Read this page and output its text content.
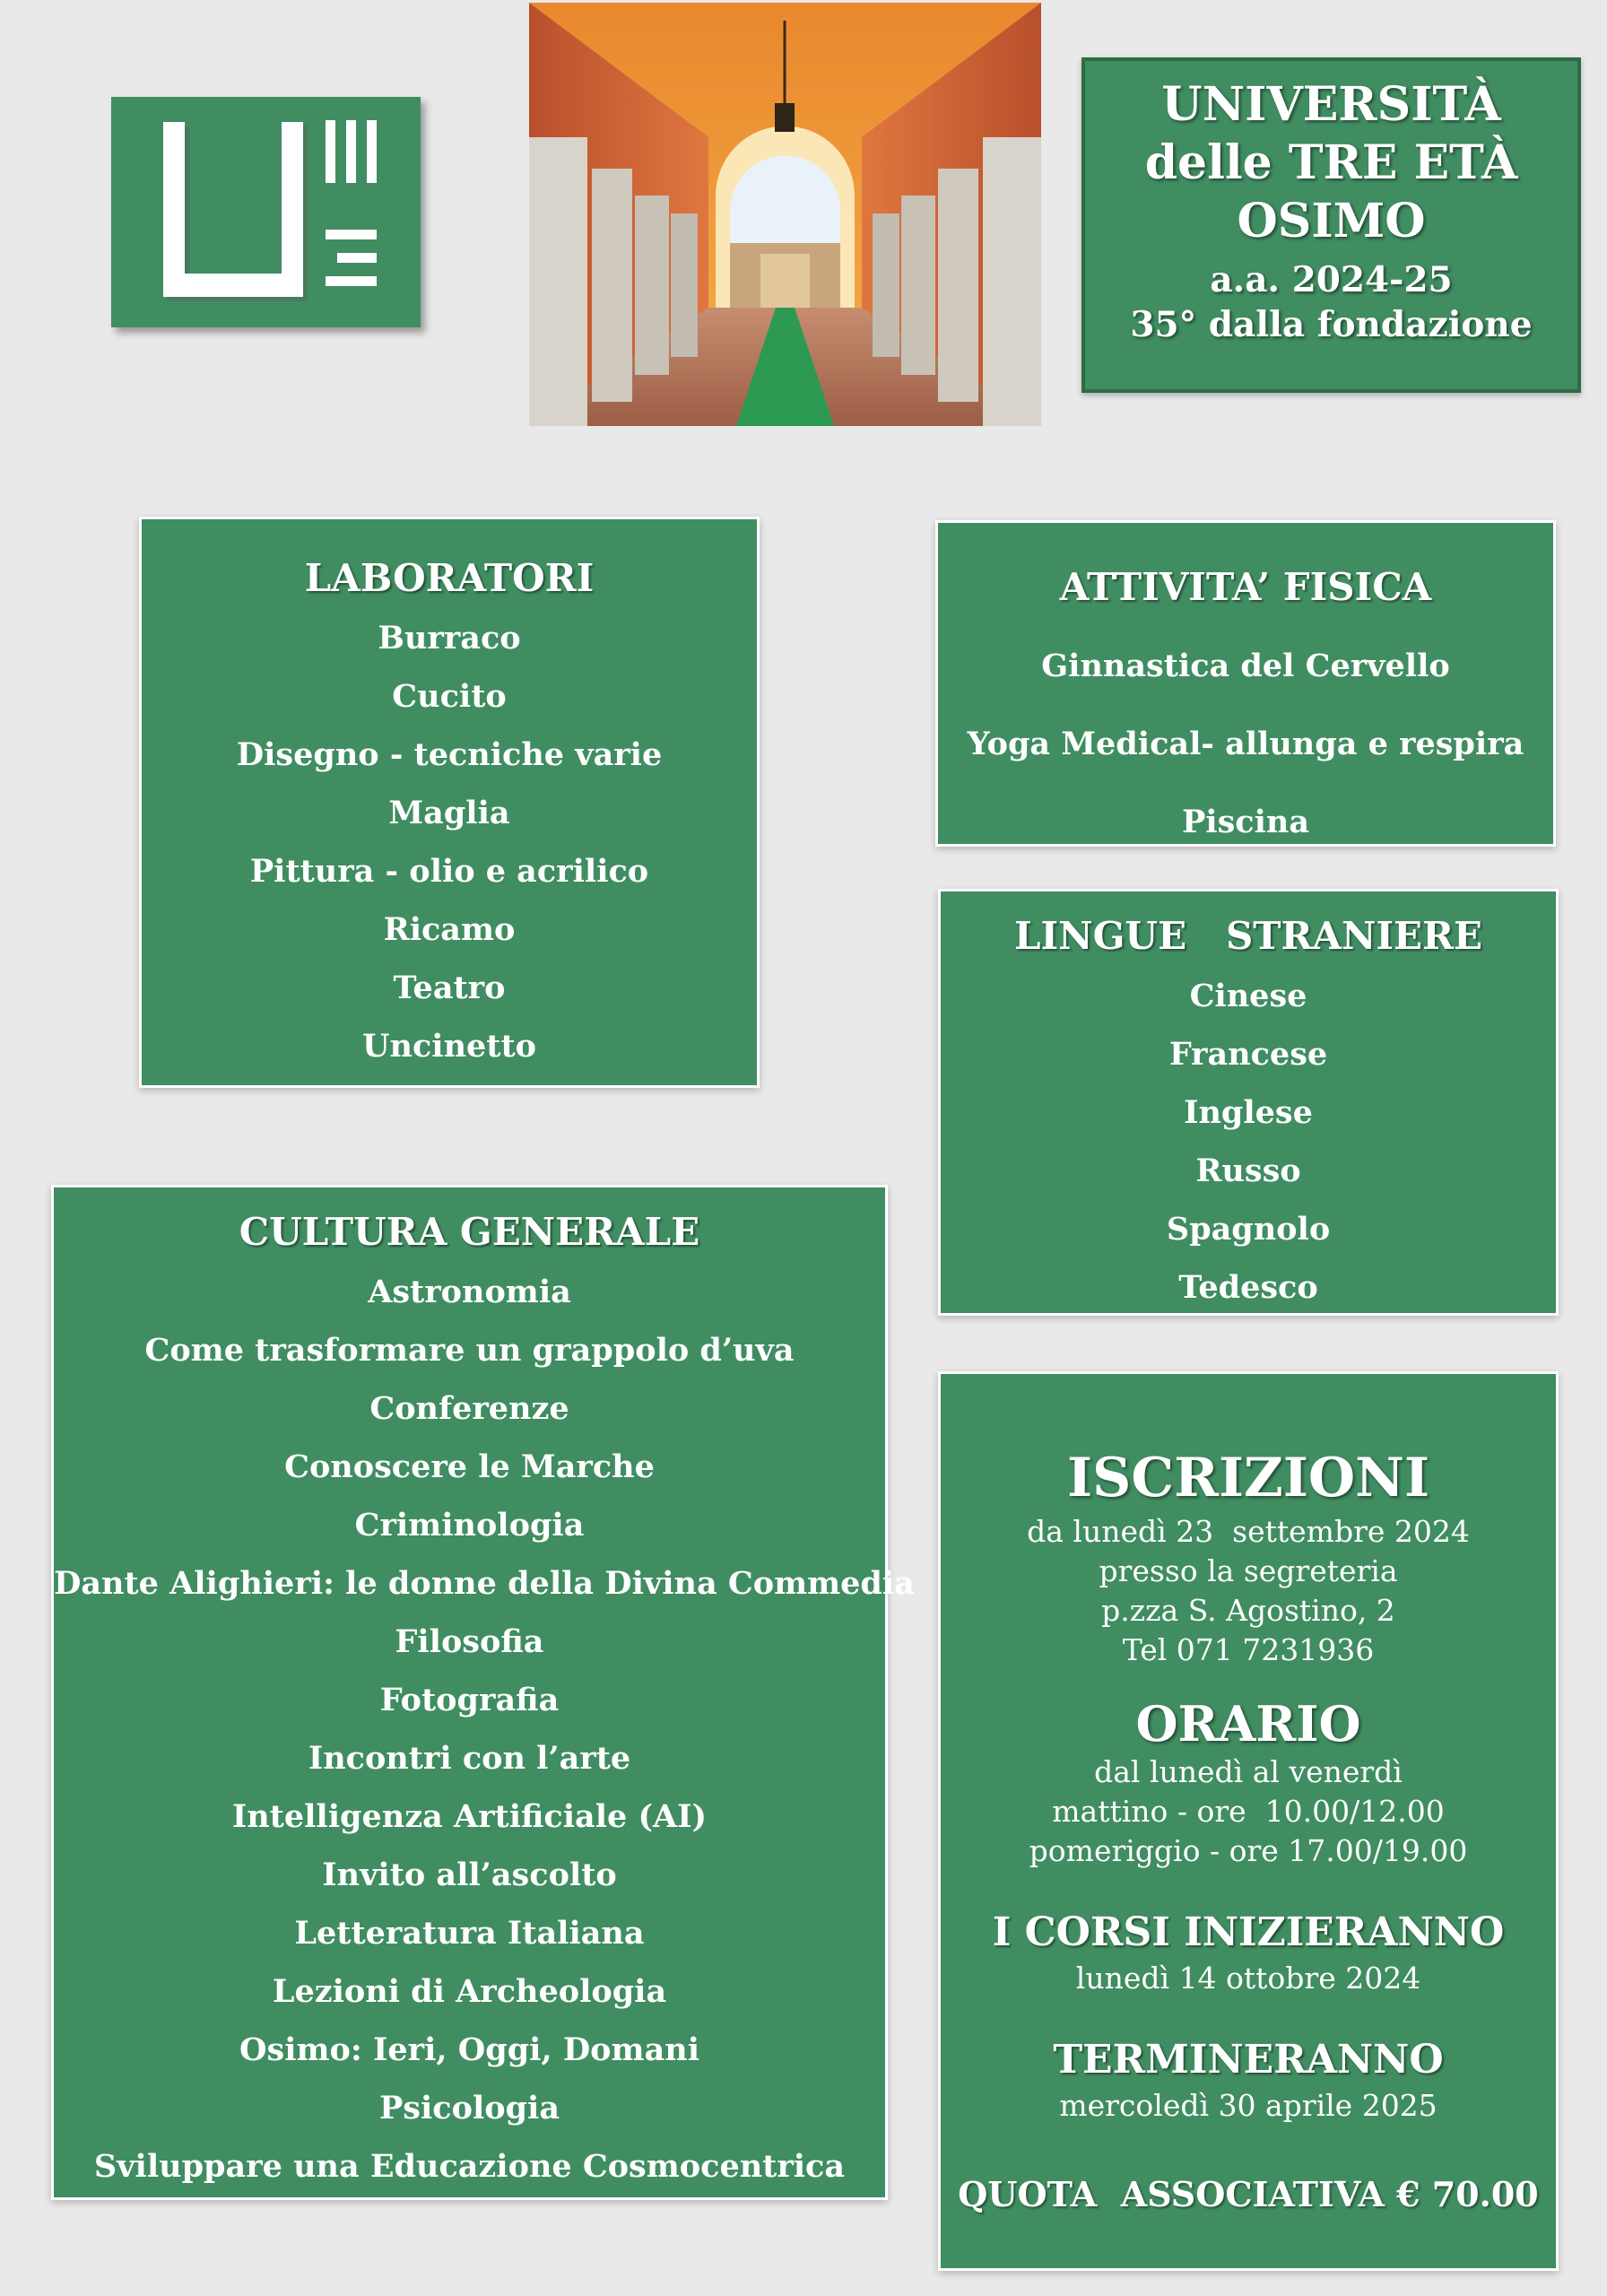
UNIVERSITÀ
delle TRE ETÀ
OSIMO
a.a. 2024-25
35° dalla fondazione
LABORATORI
Burraco
Cucito
Disegno - tecniche varie
Maglia
Pittura - olio e acrilico
Ricamo
Teatro
Uncinetto
ATTIVITA’ FISICA
Ginnastica del Cervello
Yoga Medical- allunga e respira
Piscina
LINGUE   STRANIERE
Cinese
Francese
Inglese
Russo
Spagnolo
Tedesco
CULTURA GENERALE
Astronomia
Come trasformare un grappolo d’uva
Conferenze
Conoscere le Marche
Criminologia
Dante Alighieri: le donne della Divina Commedia
Filosofia
Fotografia
Incontri con l’arte
Intelligenza Artificiale (AI)
Invito all’ascolto
Letteratura Italiana
Lezioni di Archeologia
Osimo: Ieri, Oggi, Domani
Psicologia
Sviluppare una Educazione Cosmocentrica
ISCRIZIONI
da lunedì 23  settembre 2024
presso la segreteria
p.zza S. Agostino, 2
Tel 071 7231936
ORARIO
dal lunedì al venerdì
mattino - ore  10.00/12.00
pomeriggio - ore 17.00/19.00
I CORSI INIZIERANNO
lunedì 14 ottobre 2024
TERMINERANNO
mercoledì 30 aprile 2025
QUOTA  ASSOCIATIVA € 70.00
